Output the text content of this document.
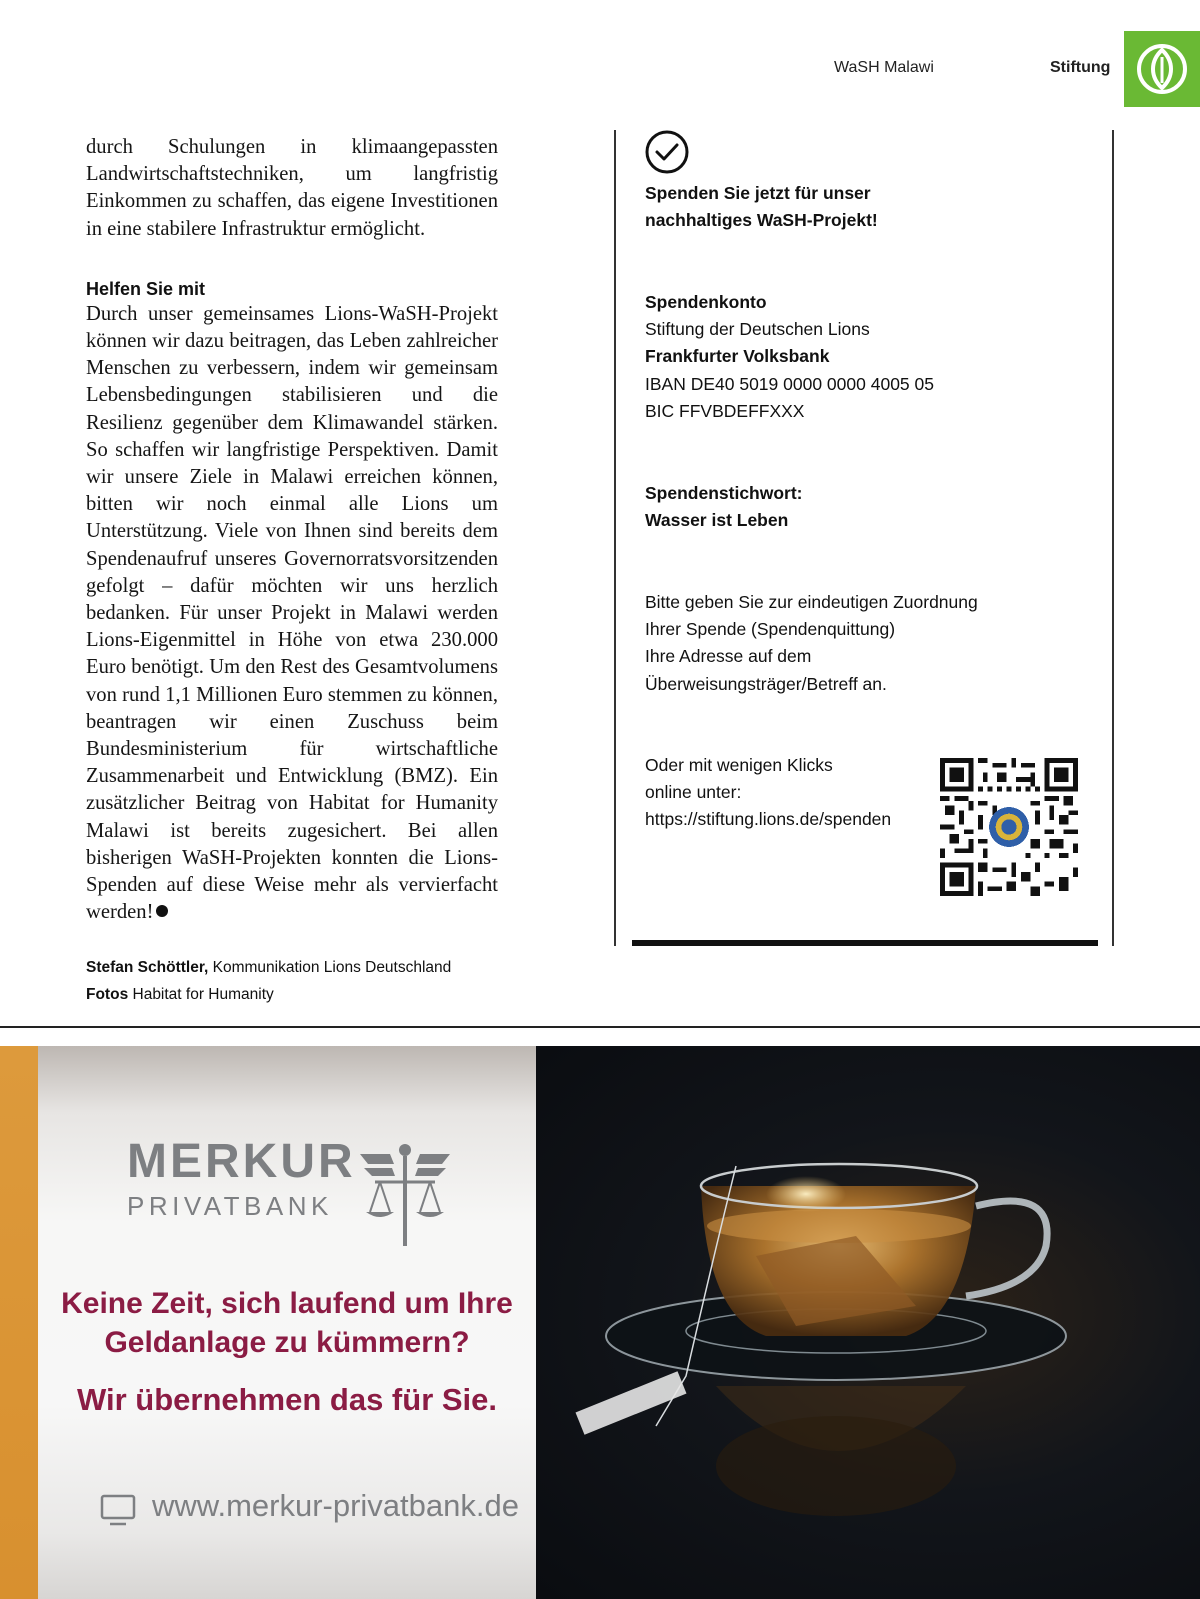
WaSH Malawi	Stiftung

durch Schulungen in klimaangepassten Landwirtschaftstechniken, um langfristig Einkommen zu schaffen, das eigene Investitionen in eine stabilere Infrastruktur ermöglicht.

Helfen Sie mit

Durch unser gemeinsames Lions-WaSH-Projekt können wir dazu beitragen, das Leben zahlreicher Menschen zu verbessern, indem wir gemeinsam Lebensbedingungen stabilisieren und die Resilienz gegenüber dem Klimawandel stärken. So schaffen wir langfristige Perspektiven. Damit wir unsere Ziele in Malawi erreichen können, bitten wir noch einmal alle Lions um Unterstützung. Viele von Ihnen sind bereits dem Spendenaufruf unseres Governorratsvorsitzenden gefolgt – dafür möchten wir uns herzlich bedanken. Für unser Projekt in Malawi werden Lions-Eigenmittel in Höhe von etwa 230.000 Euro benötigt. Um den Rest des Gesamtvolumens von rund 1,1 Millionen Euro stemmen zu können, beantragen wir einen Zuschuss beim Bundesministerium für wirtschaftliche Zusammenarbeit und Entwicklung (BMZ). Ein zusätzlicher Beitrag von Habitat for Humanity Malawi ist bereits zugesichert. Bei allen bisherigen WaSH-Projekten konnten die Lions-Spenden auf diese Weise mehr als vervierfacht werden!

Stefan Schöttler, Kommunikation Lions Deutschland
Fotos Habitat for Humanity
Spenden Sie jetzt für unser
nachhaltiges WaSH-Projekt!
Spendenkonto
Stiftung der Deutschen Lions
Frankfurter Volksbank
IBAN DE40 5019 0000 0000 4005 05
BIC FFVBDEFFXXX
Spendenstichwort:
Wasser ist Leben
Bitte geben Sie zur eindeutigen Zuordnung
Ihrer Spende (Spendenquittung)
Ihre Adresse auf dem
Überweisungsträger/Betreff an.
Oder mit wenigen Klicks
online unter:
https://stiftung.lions.de/spenden
MERKUR
PRIVATBANK
Keine Zeit, sich laufend um Ihre
Geldanlage zu kümmern?
Wir übernehmen das für Sie.
www.merkur-privatbank.de
